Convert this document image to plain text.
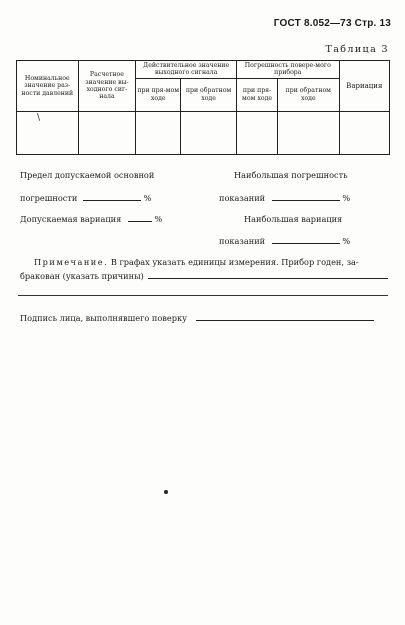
ГОСТ 8.052—73 Стр. 13
Таблица 3
Номинальное значение раз-ности давлений	Расчетное значение вы-ходного сиг-нала	Действительное значение выходного сигнала		Погрешность повере-мого прибора		Вариация
		при пря-мом ходе	при обратном ходе	при пря-мом ходе	при обратном ходе	
\						
Предел допускаемой основной	Наибольшая погрешность
погрешности	%	показаний	%
Допускаемая вариация	%	Наибольшая вариация
показаний	%
Примечание. В графах указать единицы измерения. Прибор годен, за-
бракован (указать причины)
Подпись лица, выполнявшего поверку
